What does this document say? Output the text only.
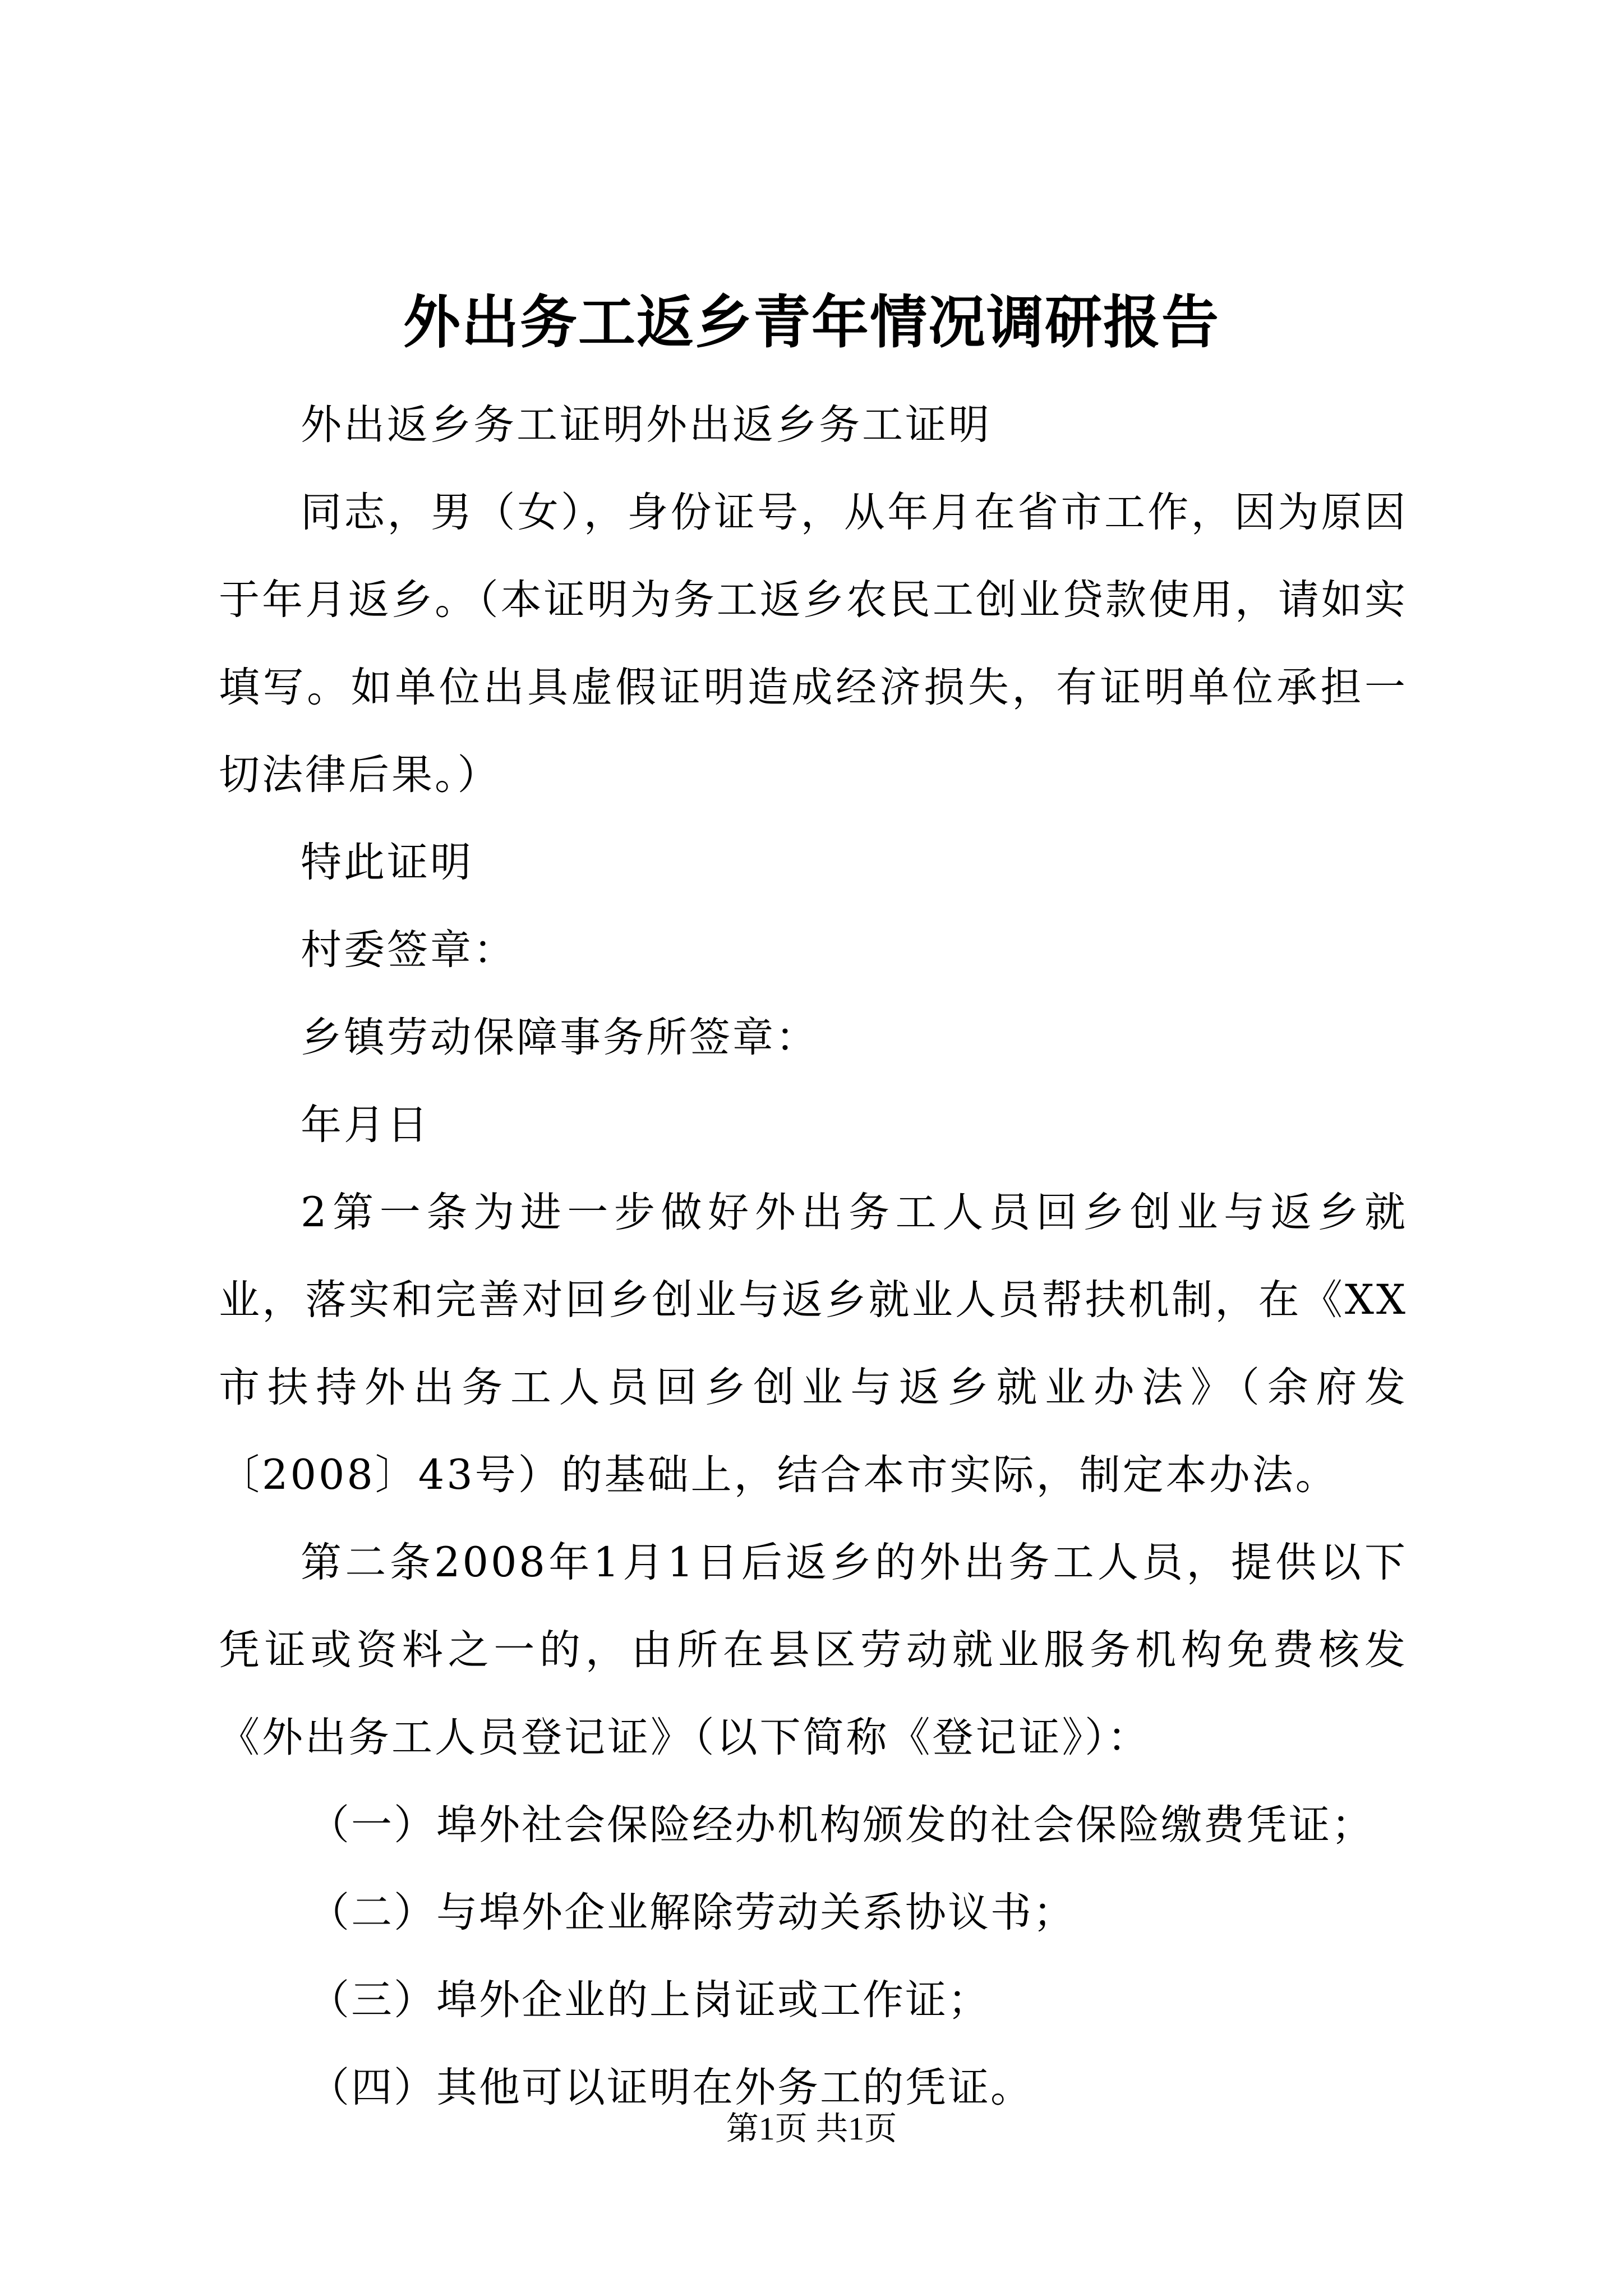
外出务工返乡青年情况调研报告

外出返乡务工证明外出返乡务工证明

同志，男（女），身份证号，从年月在省市工作，因为原因于年月返乡。（本证明为务工返乡农民工创业贷款使用，请如实填写。如单位出具虚假证明造成经济损失，有证明单位承担一切法律后果。）

特此证明

村委签章：

乡镇劳动保障事务所签章：

年月日

2第一条为进一步做好外出务工人员回乡创业与返乡就业，落实和完善对回乡创业与返乡就业人员帮扶机制，在《XX市扶持外出务工人员回乡创业与返乡就业办法》（余府发〔2008〕43号）的基础上，结合本市实际，制定本办法。

第二条2008年1月1日后返乡的外出务工人员，提供以下凭证或资料之一的，由所在县区劳动就业服务机构免费核发《外出务工人员登记证》（以下简称《登记证》）：

（一）埠外社会保险经办机构颁发的社会保险缴费凭证；

（二）与埠外企业解除劳动关系协议书；

（三）埠外企业的上岗证或工作证；

（四）其他可以证明在外务工的凭证。

第1页 共1页
